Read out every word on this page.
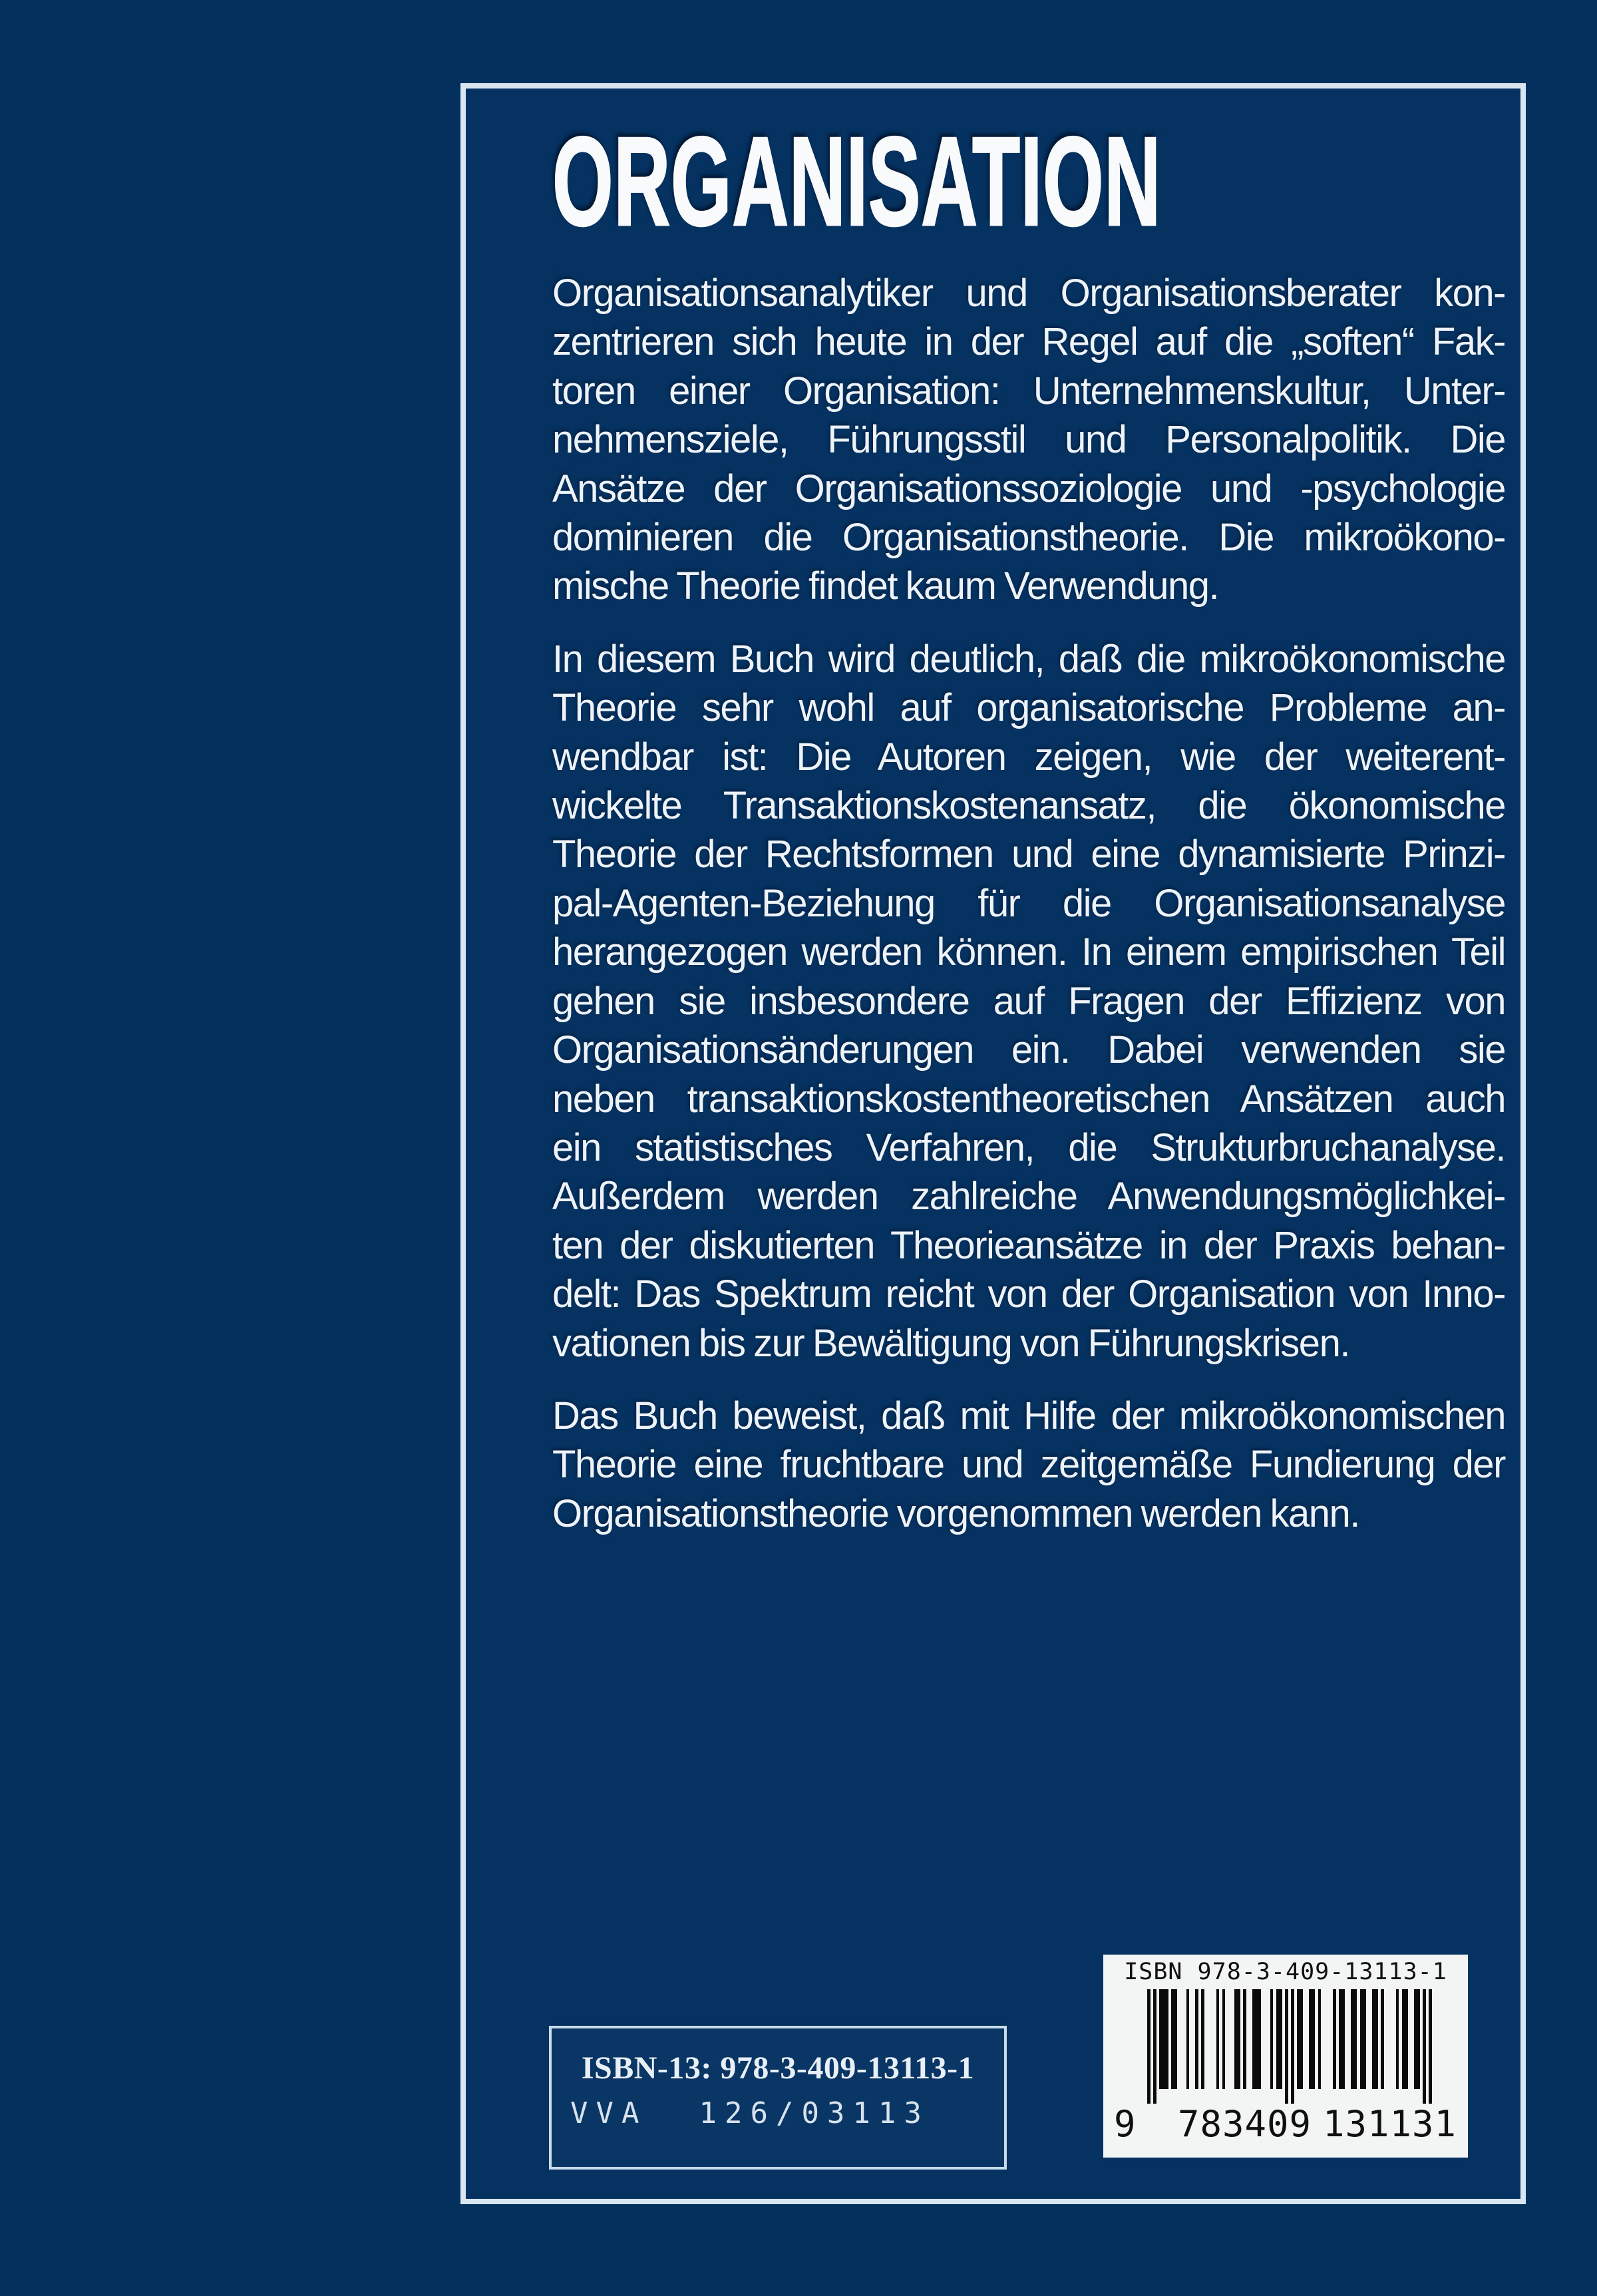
ORGANISATION
Organisationsanalytiker und Organisationsberater kon-
zentrieren sich heute in der Regel auf die „soften“ Fak-
toren einer Organisation: Unternehmenskultur, Unter-
nehmensziele, Führungsstil und Personalpolitik. Die
Ansätze der Organisationssoziologie und -psychologie
dominieren die Organisationstheorie. Die mikroökono-
mische Theorie findet kaum Verwendung.
In diesem Buch wird deutlich, daß die mikroökonomische
Theorie sehr wohl auf organisatorische Probleme an-
wendbar ist: Die Autoren zeigen, wie der weiterent-
wickelte Transaktionskostenansatz, die ökonomische
Theorie der Rechtsformen und eine dynamisierte Prinzi-
pal-Agenten-Beziehung für die Organisationsanalyse
herangezogen werden können. In einem empirischen Teil
gehen sie insbesondere auf Fragen der Effizienz von
Organisationsänderungen ein. Dabei verwenden sie
neben transaktionskostentheoretischen Ansätzen auch
ein statistisches Verfahren, die Strukturbruchanalyse.
Außerdem werden zahlreiche Anwendungsmöglichkei-
ten der diskutierten Theorieansätze in der Praxis behan-
delt: Das Spektrum reicht von der Organisation von Inno-
vationen bis zur Bewältigung von Führungskrisen.
Das Buch beweist, daß mit Hilfe der mikroökonomischen
Theorie eine fruchtbare und zeitgemäße Fundierung der
Organisationstheorie vorgenommen werden kann.
ISBN-13: 978-3-409-13113-1
VVA 126/03113
ISBN 978-3-409-13113-1
9 783409 131131
